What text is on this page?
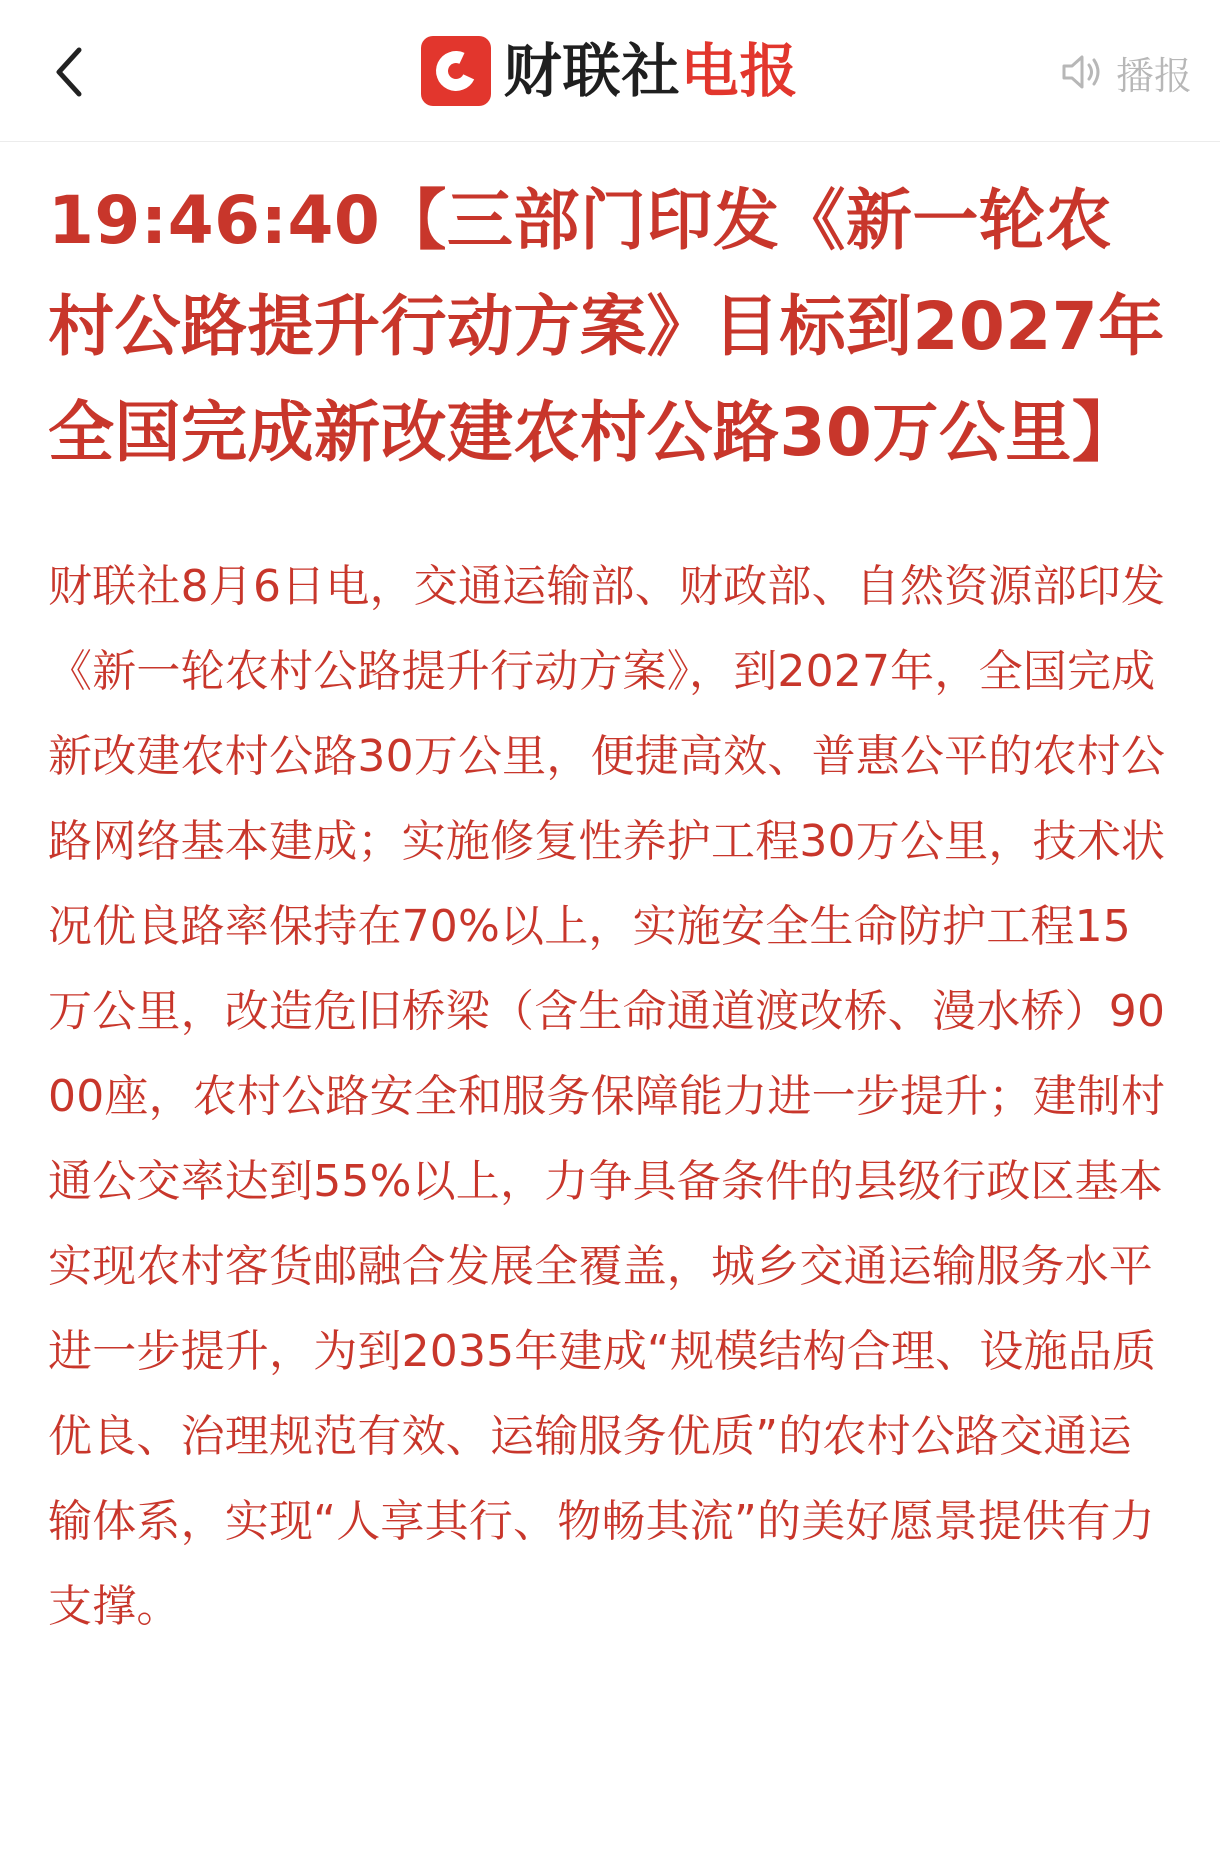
财联社电报	播报
19:46:40【三部门印发《新一轮农村公路提升行动方案》目标到2027年全国完成新改建农村公路30万公里】

财联社8月6日电，交通运输部、财政部、自然资源部印发《新一轮农村公路提升行动方案》，到2027年，全国完成新改建农村公路30万公里，便捷高效、普惠公平的农村公路网络基本建成；实施修复性养护工程30万公里，技术状况优良路率保持在70%以上，实施安全生命防护工程15万公里，改造危旧桥梁（含生命通道渡改桥、漫水桥）9000座，农村公路安全和服务保障能力进一步提升；建制村通公交率达到55%以上，力争具备条件的县级行政区基本实现农村客货邮融合发展全覆盖，城乡交通运输服务水平进一步提升，为到2035年建成“规模结构合理、设施品质优良、治理规范有效、运输服务优质”的农村公路交通运输体系，实现“人享其行、物畅其流”的美好愿景提供有力支撑。
